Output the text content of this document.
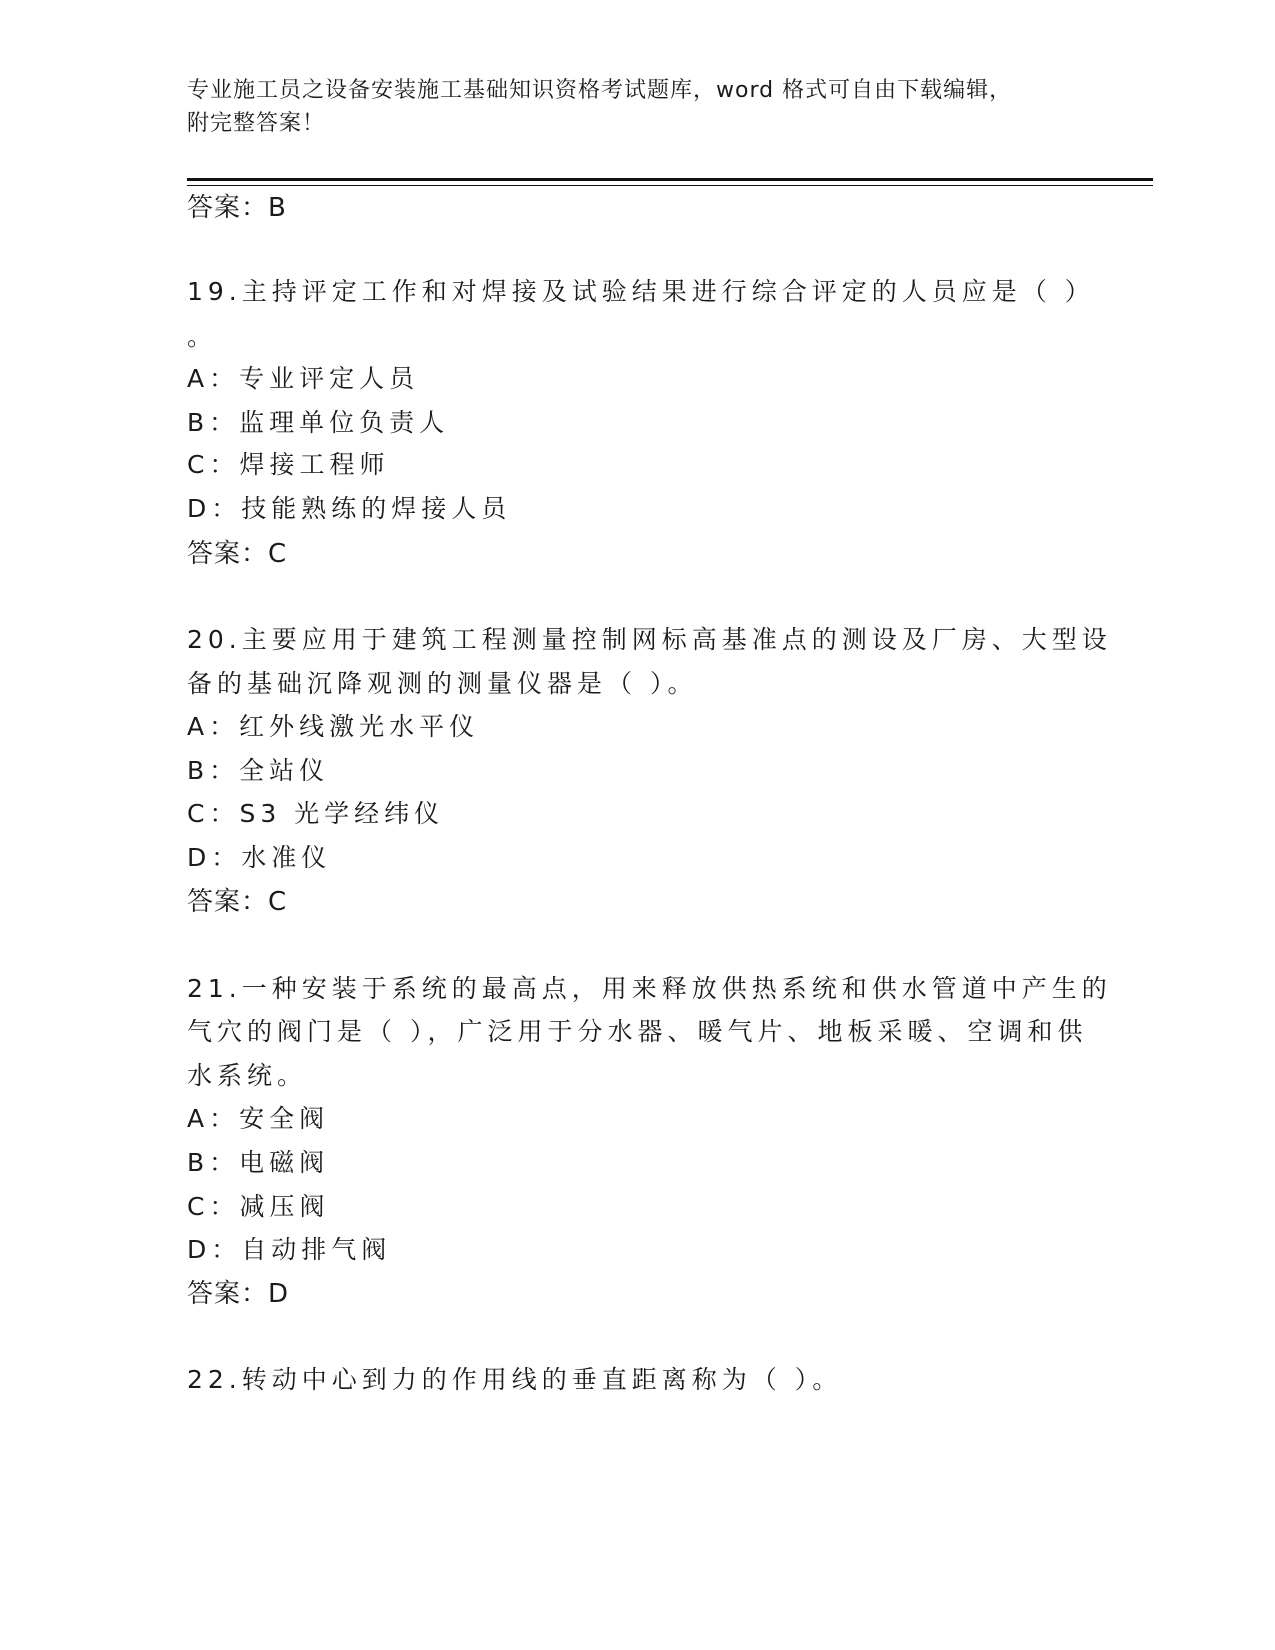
专业施工员之设备安装施工基础知识资格考试题库，word 格式可自由下载编辑，
附完整答案！
答案：B
19.主持评定工作和对焊接及试验结果进行综合评定的人员应是（ ）
。
A：专业评定人员
B：监理单位负责人
C：焊接工程师
D：技能熟练的焊接人员
答案：C
20.主要应用于建筑工程测量控制网标高基准点的测设及厂房、大型设
备的基础沉降观测的测量仪器是（ ）。
A：红外线激光水平仪
B：全站仪
C：S3 光学经纬仪
D：水准仪
答案：C
21.一种安装于系统的最高点，用来释放供热系统和供水管道中产生的
气穴的阀门是（ ），广泛用于分水器、暖气片、地板采暖、空调和供
水系统。
A：安全阀
B：电磁阀
C：减压阀
D：自动排气阀
答案：D
22.转动中心到力的作用线的垂直距离称为（ ）。
